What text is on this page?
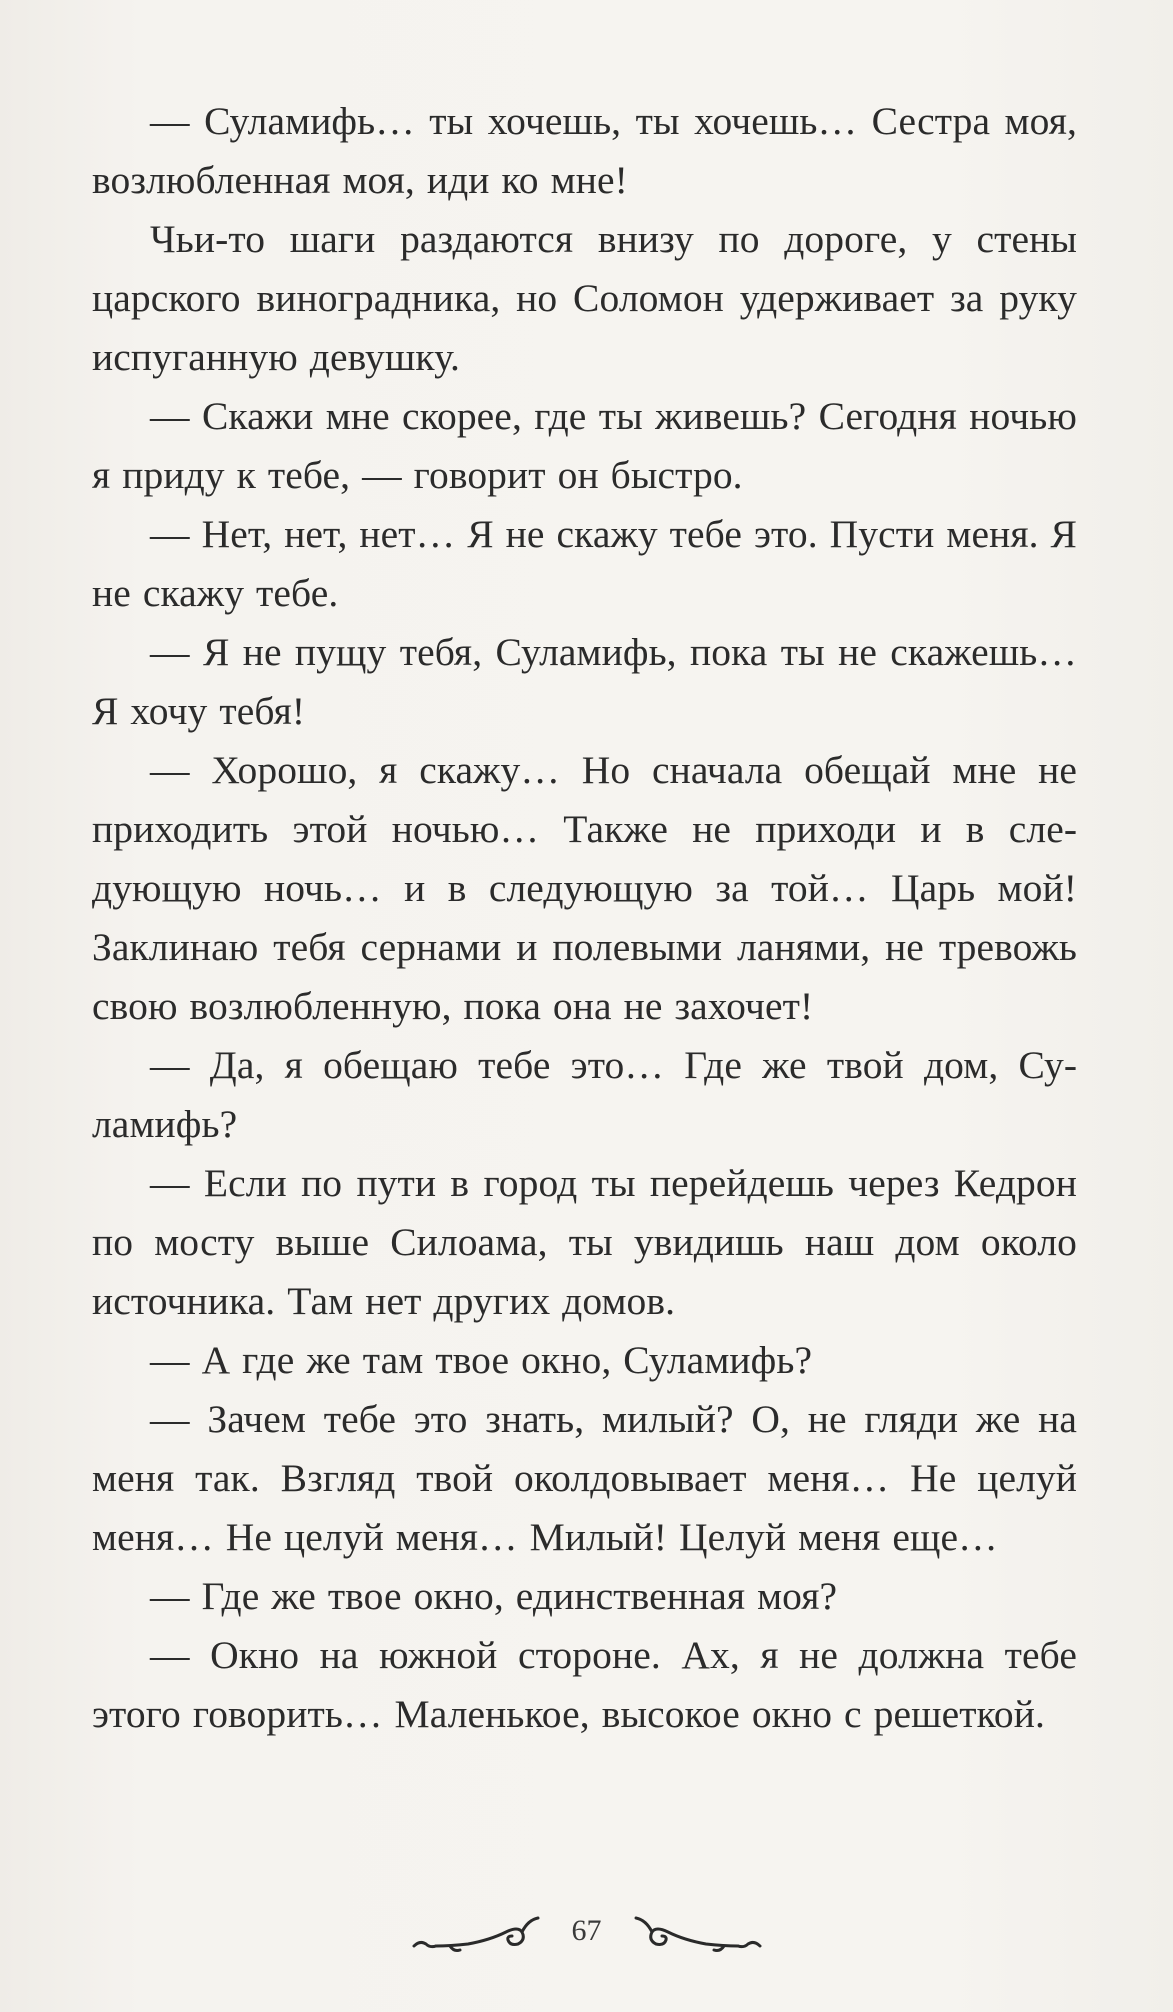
— Суламифь… ты хочешь, ты хочешь… Сестра моя, возлюбленная моя, иди ко мне!

Чьи-то шаги раздаются внизу по дороге, у стены царского виноградника, но Соломон удерживает за руку испуганную девушку.

— Скажи мне скорее, где ты живешь? Сегодня ночью я приду к тебе, — говорит он быстро.

— Нет, нет, нет… Я не скажу тебе это. Пусти меня. Я не скажу тебе.

— Я не пущу тебя, Суламифь, пока ты не скажешь… Я хочу тебя!

— Хорошо, я скажу… Но сначала обещай мне не приходить этой ночью… Также не приходи и в следующую ночь… и в следующую за той… Царь мой! Заклинаю тебя сернами и полевыми ланями, не тревожь свою возлюбленную, пока она не захочет!

— Да, я обещаю тебе это… Где же твой дом, Суламифь?

— Если по пути в город ты перейдешь через Кедрон по мосту выше Силоама, ты увидишь наш дом около источника. Там нет других домов.

— А где же там твое окно, Суламифь?

— Зачем тебе это знать, милый? О, не гляди же на меня так. Взгляд твой околдовывает меня… Не целуй меня… Не целуй меня… Милый! Целуй меня еще…

— Где же твое окно, единственная моя?

— Окно на южной стороне. Ах, я не должна тебе этого говорить… Маленькое, высокое окно с решеткой.

67
